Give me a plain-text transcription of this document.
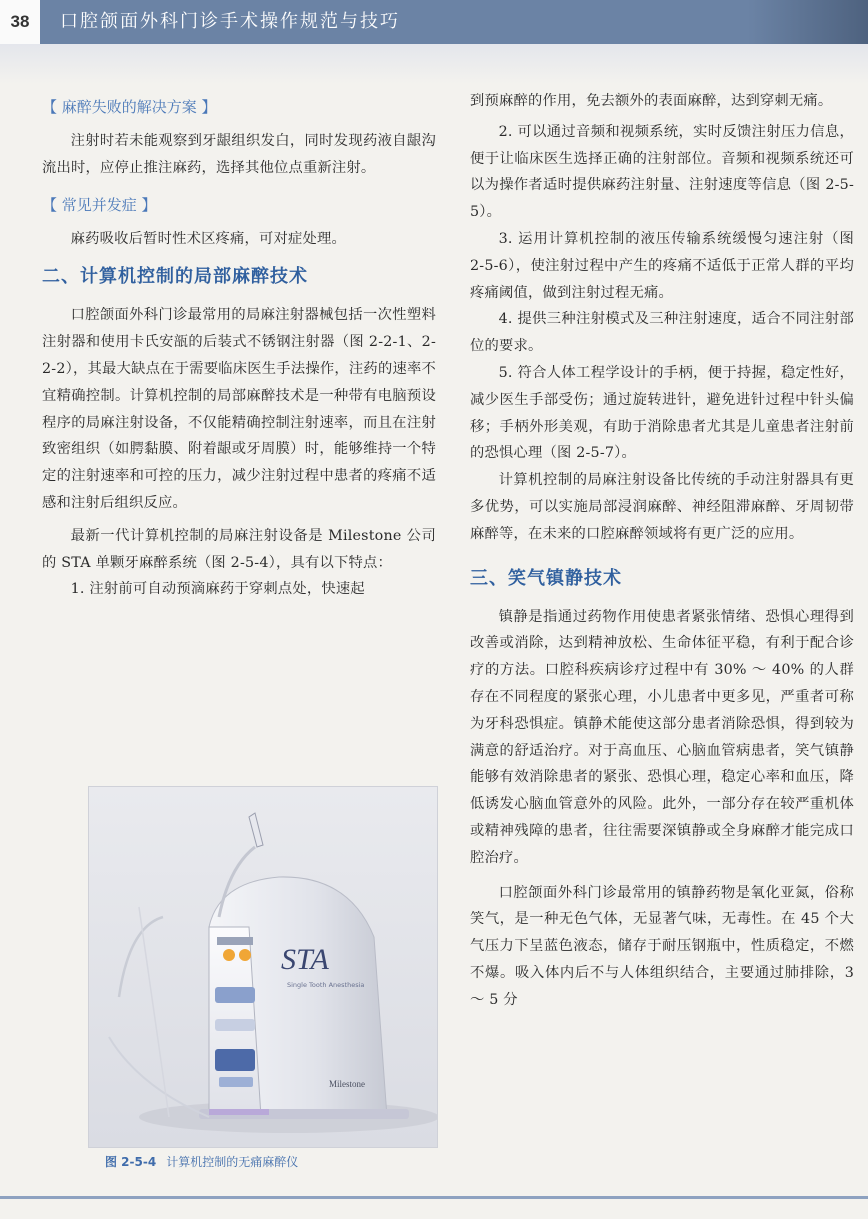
38	口腔颌面外科门诊手术操作规范与技巧
【 麻醉失败的解决方案 】

注射时若未能观察到牙龈组织发白，同时发现药液自龈沟流出时，应停止推注麻药，选择其他位点重新注射。

【 常见并发症 】

麻药吸收后暂时性术区疼痛，可对症处理。

二、计算机控制的局部麻醉技术

口腔颌面外科门诊最常用的局麻注射器械包括一次性塑料注射器和使用卡氏安瓿的后装式不锈钢注射器（图 2-2-1、2-2-2），其最大缺点在于需要临床医生手法操作，注药的速率不宜精确控制。计算机控制的局部麻醉技术是一种带有电脑预设程序的局麻注射设备，不仅能精确控制注射速率，而且在注射致密组织（如腭黏膜、附着龈或牙周膜）时，能够维持一个特定的注射速率和可控的压力，减少注射过程中患者的疼痛不适感和注射后组织反应。

最新一代计算机控制的局麻注射设备是 Milestone 公司的 STA 单颗牙麻醉系统（图 2-5-4），具有以下特点：

1. 注射前可自动预滴麻药于穿刺点处，快速起

STA
Single Tooth Anesthesia
Milestone
图 2-5-4 计算机控制的无痛麻醉仪

到预麻醉的作用，免去额外的表面麻醉，达到穿刺无痛。

2. 可以通过音频和视频系统，实时反馈注射压力信息，便于让临床医生选择正确的注射部位。音频和视频系统还可以为操作者适时提供麻药注射量、注射速度等信息（图 2-5-5）。

3. 运用计算机控制的液压传输系统缓慢匀速注射（图 2-5-6），使注射过程中产生的疼痛不适低于正常人群的平均疼痛阈值，做到注射过程无痛。

4. 提供三种注射模式及三种注射速度，适合不同注射部位的要求。

5. 符合人体工程学设计的手柄，便于持握，稳定性好，减少医生手部受伤；通过旋转进针，避免进针过程中针头偏移；手柄外形美观，有助于消除患者尤其是儿童患者注射前的恐惧心理（图 2-5-7）。

计算机控制的局麻注射设备比传统的手动注射器具有更多优势，可以实施局部浸润麻醉、神经阻滞麻醉、牙周韧带麻醉等，在未来的口腔麻醉领域将有更广泛的应用。

三、笑气镇静技术

镇静是指通过药物作用使患者紧张情绪、恐惧心理得到改善或消除，达到精神放松、生命体征平稳，有利于配合诊疗的方法。口腔科疾病诊疗过程中有 30% ～ 40% 的人群存在不同程度的紧张心理，小儿患者中更多见，严重者可称为牙科恐惧症。镇静术能使这部分患者消除恐惧，得到较为满意的舒适治疗。对于高血压、心脑血管病患者，笑气镇静能够有效消除患者的紧张、恐惧心理，稳定心率和血压，降低诱发心脑血管意外的风险。此外，一部分存在较严重机体或精神残障的患者，往往需要深镇静或全身麻醉才能完成口腔治疗。

口腔颌面外科门诊最常用的镇静药物是氧化亚氮，俗称笑气，是一种无色气体，无显著气味，无毒性。在 45 个大气压力下呈蓝色液态，储存于耐压钢瓶中，性质稳定，不燃不爆。吸入体内后不与人体组织结合，主要通过肺排除，3 ～ 5 分
